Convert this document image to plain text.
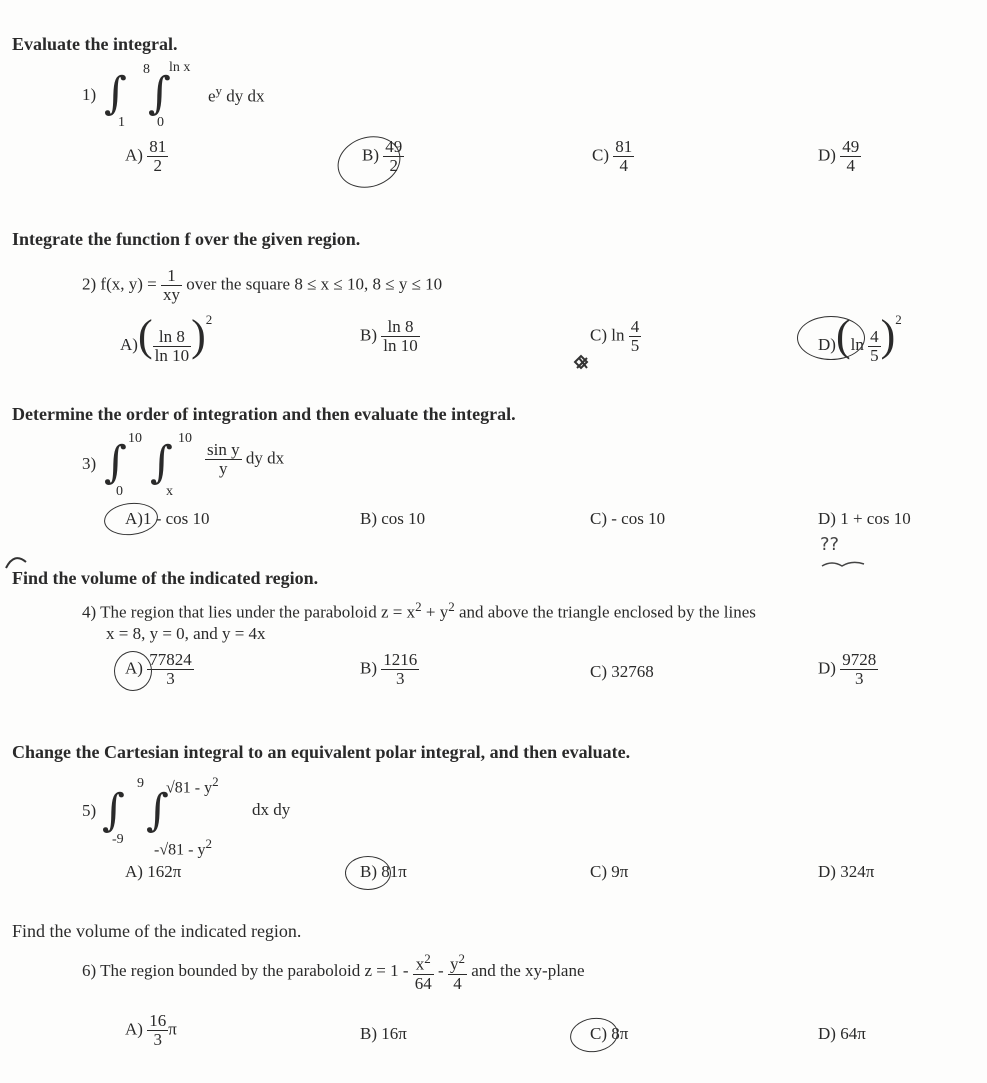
Evaluate the integral.
1) ∫ 8
1
∫
ln x
0
$e^y$ dy dx
$A) \frac{81}{2}$	$B) \frac{49}{2}$	$C) \frac{81}{4}$	$D) \frac{49}{4}$
Integrate the function f over the given region.
2) f(x, $y) = \frac{1}{xy}$ over the square 8 ≤ x ≤ 10, 8 ≤ y ≤ 10
$A)( \frac{\ln 8}{\ln 10} )^2$
$B) \frac{\ln 8}{\ln 10}$	C) $\ln \frac{4}{5}$	$D)(\ln \frac{4}{5} )^2$
Determine the order of integration and then evaluate the integral.
3) ∫ 10
0
∫ 10
x
$\frac{\text{sin y}}{y}$ dy dx
A)1 - cos 10	B) cos 10	C) - cos 10	D) 1 + cos 10
??
Find the volume of the indicated region.
4) The region that lies under the paraboloid $z = x^2 + y^2$ and above the triangle enclosed by the lines
x = 8, y = 0, and y = 4x
$A) \frac{77824}{3}$	$B) \frac{1216}{3}$	C) 32768	$D) \frac{9728}{3}$
Change the Cartesian integral to an equivalent polar integral, and then evaluate.
5) ∫
9
-9
∫
$√81 - y^2$
$-√81 - y^2$
dx dy
A) 162π	B) 81π	C) 9π	D) 324π
Find the volume of the indicated region.
6) The region bounded by the paraboloid $z = 1 - \frac{x^2}{64} - \frac{y^2}{4}$ and the xy-plane
$A) \frac{16}{3}$ π	B) 16π	C) 8π	D) 64π
